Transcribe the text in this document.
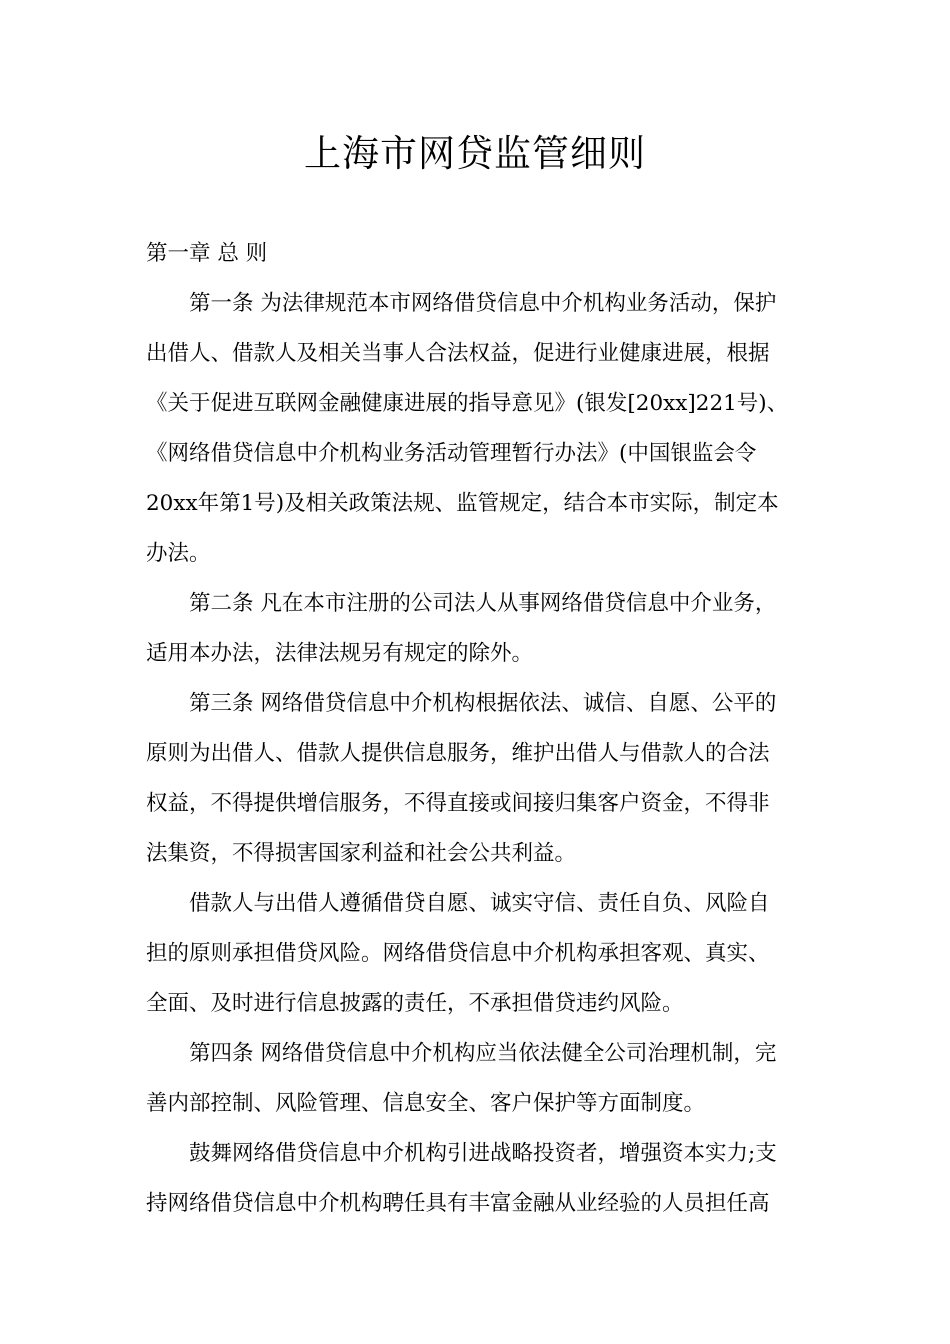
上海市网贷监管细则
第一章 总 则
第一条 为法律规范本市网络借贷信息中介机构业务活动，保护
出借人、借款人及相关当事人合法权益，促进行业健康进展，根据
《关于促进互联网金融健康进展的指导意见》(银发[20xx]221号)、
《网络借贷信息中介机构业务活动管理暂行办法》(中国银监会令
20xx年第1号)及相关政策法规、监管规定，结合本市实际，制定本
办法。
第二条 凡在本市注册的公司法人从事网络借贷信息中介业务，
适用本办法，法律法规另有规定的除外。
第三条 网络借贷信息中介机构根据依法、诚信、自愿、公平的
原则为出借人、借款人提供信息服务，维护出借人与借款人的合法
权益，不得提供增信服务，不得直接或间接归集客户资金，不得非
法集资，不得损害国家利益和社会公共利益。
借款人与出借人遵循借贷自愿、诚实守信、责任自负、风险自
担的原则承担借贷风险。网络借贷信息中介机构承担客观、真实、
全面、及时进行信息披露的责任，不承担借贷违约风险。
第四条 网络借贷信息中介机构应当依法健全公司治理机制，完
善内部控制、风险管理、信息安全、客户保护等方面制度。
鼓舞网络借贷信息中介机构引进战略投资者，增强资本实力;支
持网络借贷信息中介机构聘任具有丰富金融从业经验的人员担任高
